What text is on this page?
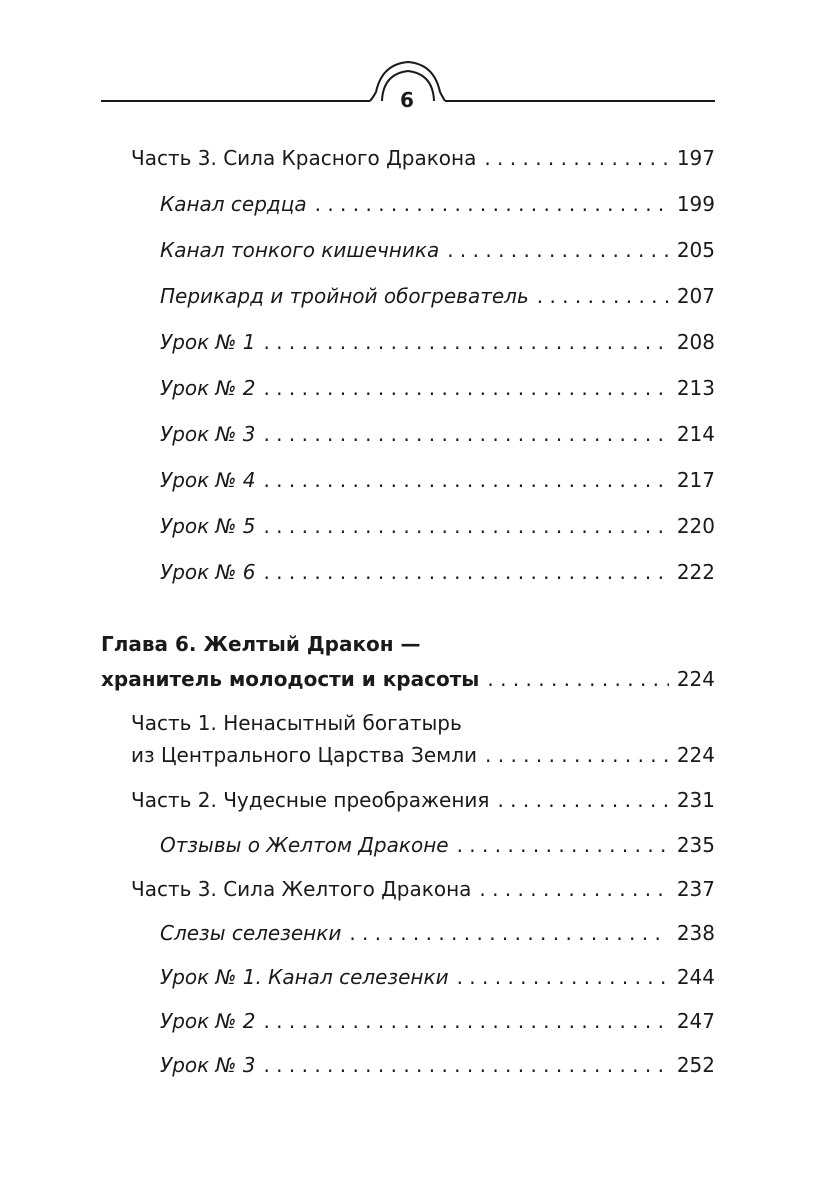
6
Часть 3. Сила Красного Дракона . . .	197
Канал сердца . . .	199
Канал тонкого кишечника . . .	205
Перикард и тройной обогреватель . . .	207
Урок № 1 . . .	208
Урок № 2 . . .	213
Урок № 3 . . .	214
Урок № 4 . . .	217
Урок № 5 . . .	220
Урок № 6 . . .	222
Глава 6. Желтый Дракон —
хранитель молодости и красоты . . .	224
Часть 1. Ненасытный богатырь
из Центрального Царства Земли . . .	224
Часть 2. Чудесные преображения . . .	231
Отзывы о Желтом Драконе . . .	235
Часть 3. Сила Желтого Дракона . . .	237
Слезы селезенки . . .	238
Урок № 1. Канал селезенки . . .	244
Урок № 2 . . .	247
Урок № 3 . . .	252
